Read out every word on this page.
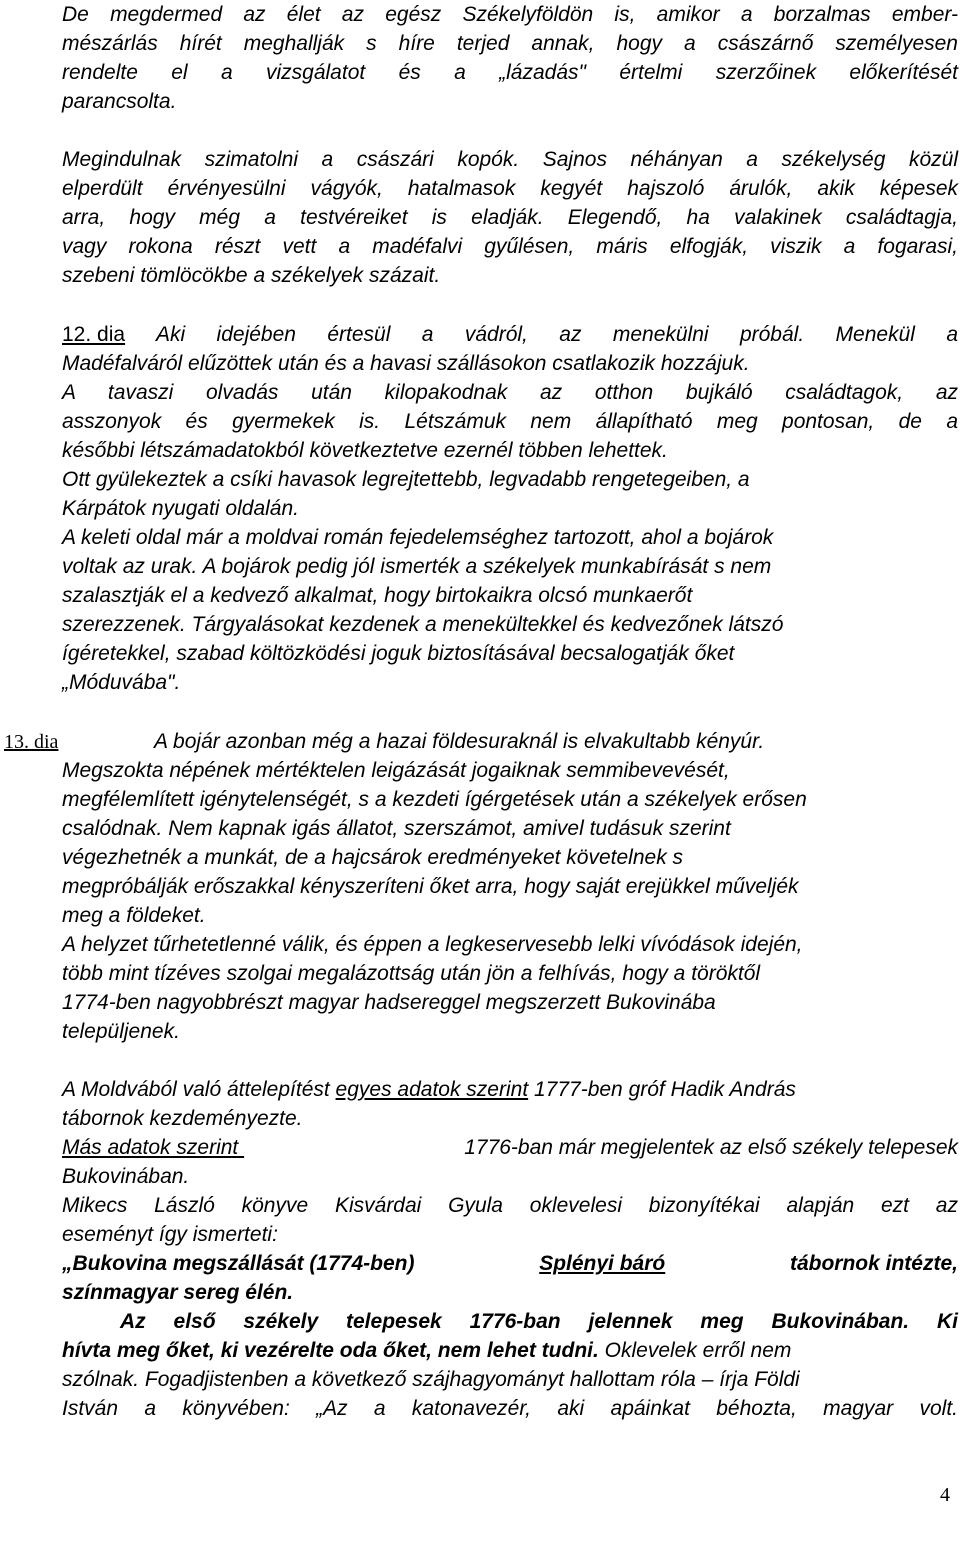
De megdermed az élet az egész Székelyföldön is, amikor a borzalmas ember-
mészárlás hírét meghallják s híre terjed annak, hogy a császárnő személyesen
rendelte el a vizsgálatot és a „lázadás" értelmi szerzőinek előkerítését
parancsolta.
Megindulnak szimatolni a császári kopók. Sajnos néhányan a székelység közül
elperdült érvényesülni vágyók, hatalmasok kegyét hajszoló árulók, akik képesek
arra, hogy még a testvéreiket is eladják. Elegendő, ha valakinek családtagja,
vagy rokona részt vett a madéfalvi gyűlésen, máris elfogják, viszik a fogarasi,
szebeni tömlöcökbe a székelyek százait.
12. dia Aki idejében értesül a vádról, az menekülni próbál. Menekül a
Madéfalváról elűzöttek után és a havasi szállásokon csatlakozik hozzájuk.
A tavaszi olvadás után kilopakodnak az otthon bujkáló családtagok, az
asszonyok és gyermekek is. Létszámuk nem állapítható meg pontosan, de a
későbbi létszámadatokból következtetve ezernél többen lehettek.
Ott gyülekeztek a csíki havasok legrejtettebb, legvadabb rengetegeiben, a
Kárpátok nyugati oldalán.
A keleti oldal már a moldvai román fejedelemséghez tartozott, ahol a bojárok
voltak az urak. A bojárok pedig jól ismerték a székelyek munkabírását s nem
szalasztják el a kedvező alkalmat, hogy birtokaikra olcsó munkaerőt
szerezzenek. Tárgyalásokat kezdenek a menekültekkel és kedvezőnek látszó
ígéretekkel, szabad költözködési joguk biztosításával becsalogatják őket
„Móduvába".
13. dia	A bojár azonban még a hazai földesuraknál is elvakultabb kényúr.
Megszokta népének mértéktelen leigázását jogaiknak semmibevevését,
megfélemlített igénytelenségét, s a kezdeti ígérgetések után a székelyek erősen
csalódnak. Nem kapnak igás állatot, szerszámot, amivel tudásuk szerint
végezhetnék a munkát, de a hajcsárok eredményeket követelnek s
megpróbálják erőszakkal kényszeríteni őket arra, hogy saját erejükkel műveljék
meg a földeket.
A helyzet tűrhetetlenné válik, és éppen a legkeservesebb lelki vívódások idején,
több mint tízéves szolgai megalázottság után jön a felhívás, hogy a töröktől
1774-ben nagyobbrészt magyar hadsereggel megszerzett Bukovinába
települjenek.
A Moldvából való áttelepítést egyes adatok szerint 1777-ben gróf Hadik András
tábornok kezdeményezte.
Más adatok szerint	1776-ban már megjelentek az első székely telepesek
Bukovinában.
Mikecs László könyve Kisvárdai Gyula oklevelesi bizonyítékai alapján ezt az
eseményt így ismerteti:
„Bukovina megszállását (1774-ben)	Splényi báró	tábornok intézte,
színmagyar sereg élén.
Az első székely telepesek 1776-ban jelennek meg Bukovinában. Ki
hívta meg őket, ki vezérelte oda őket, nem lehet tudni. Oklevelek erről nem
szólnak. Fogadjistenben a következő szájhagyományt hallottam róla – írja Földi
István a könyvében: „Az a katonavezér, aki apáinkat béhozta, magyar volt.
4
